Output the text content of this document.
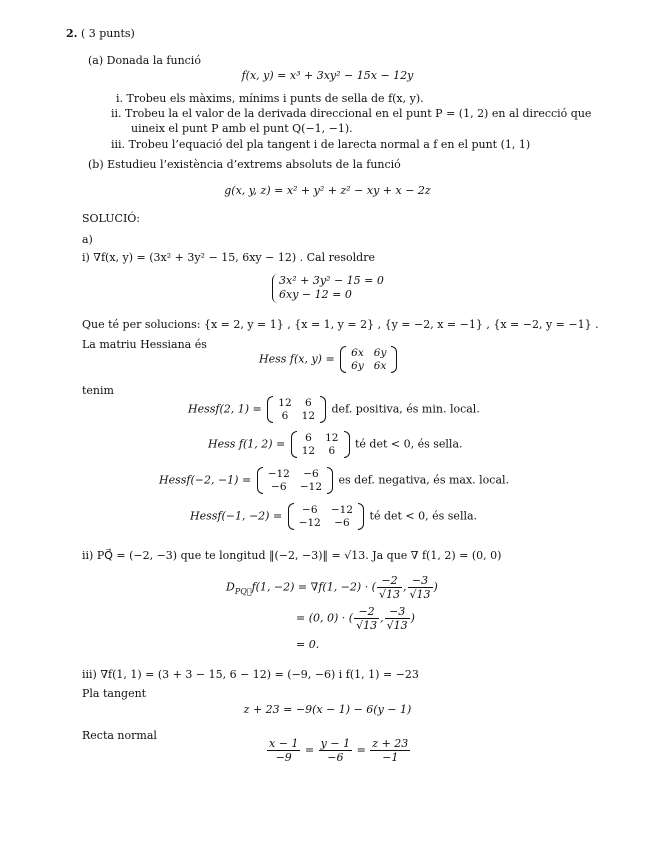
2. ( 3 punts)
(a) Donada la funció
f(x, y) = x³ + 3xy² − 15x − 12y
i. Trobeu els màxims, mínims i punts de sella de f(x, y).
ii. Trobeu la el valor de la derivada direccional en el punt P = (1, 2) en al direcció que
uineix el punt P amb el punt Q(−1, −1).
iii. Trobeu l’equació del pla tangent i de larecta normal a f en el punt (1, 1)
(b) Estudieu l’existència d’extrems absoluts de la funció
g(x, y, z) = x² + y² + z² − xy + x − 2z
SOLUCIÓ:
a)
i) ∇f(x, y) = (3x² + 3y² − 15, 6xy − 12) . Cal resoldre
3x² + 3y² − 15 = 0
6xy − 12 = 0
Que té per solucions: {x = 2, y = 1} , {x = 1, y = 2} , {y = −2, x = −1} , {x = −2, y = −1} .
La matriu Hessiana és
Hess f(x, y) = 6x	6y
6y	6x
tenim
Hessf(2, 1) = 12	6
6	12 def. positiva, és min. local.
Hess f(1, 2) = 6	12
12	6 té det < 0, és sella.
Hessf(−2, −1) = −12	−6
−6	−12 es def. negativa, és max. local.
Hessf(−1, −2) = −6	−12
−12	−6 té det < 0, és sella.
ii) PQ⃗ = (−2, −3) que te longitud ‖(−2, −3)‖ = √13. Ja que ∇ f(1, 2) = (0, 0)
$D_{PQ⃗}f(1$, −2) = ∇f(1, −2) · ( $\frac{-2}{√13}$ , $\frac{-3}{√13}$ )
= (0, 0) · ( $\frac{-2}{√13}$ , $\frac{-3}{√13}$ )
= 0.
iii) ∇f(1, 1) = (3 + 3 − 15, 6 − 12) = (−9, −6) i f(1, 1) = −23
Pla tangent
z + 23 = −9(x − 1) − 6(y − 1)
Recta normal
$\frac{x - 1}{-9} = \frac{y - 1}{-6} = \frac{z + 23}{-1}$
